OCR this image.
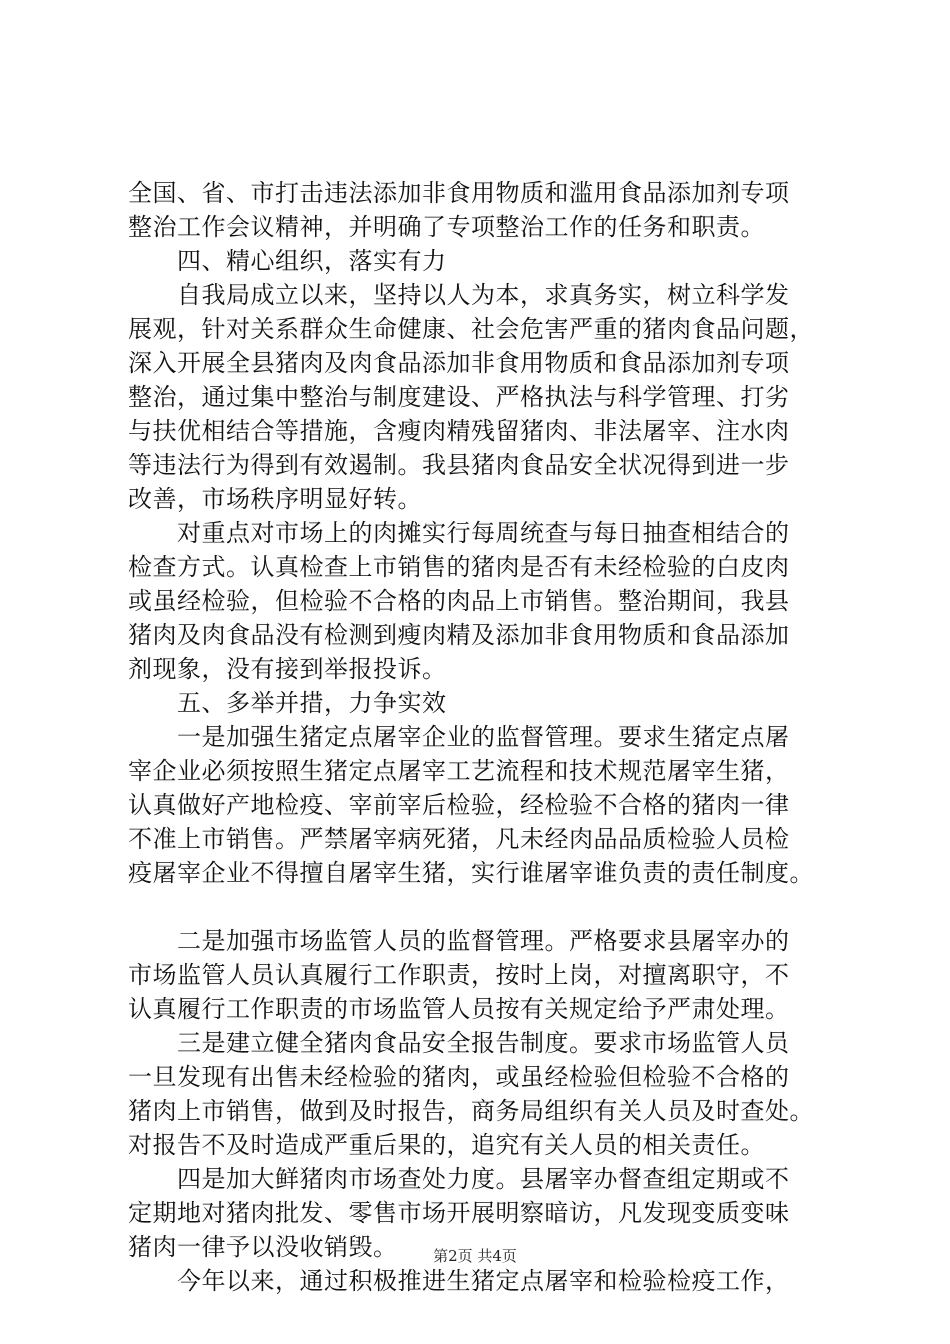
全国、省、市打击违法添加非食用物质和滥用食品添加剂专项
整治工作会议精神，并明确了专项整治工作的任务和职责。
　　四、精心组织，落实有力
　　自我局成立以来，坚持以人为本，求真务实，树立科学发
展观，针对关系群众生命健康、社会危害严重的猪肉食品问题，
深入开展全县猪肉及肉食品添加非食用物质和食品添加剂专项
整治，通过集中整治与制度建设、严格执法与科学管理、打劣
与扶优相结合等措施，含瘦肉精残留猪肉、非法屠宰、注水肉
等违法行为得到有效遏制。我县猪肉食品安全状况得到进一步
改善，市场秩序明显好转。
　　对重点对市场上的肉摊实行每周统查与每日抽查相结合的
检查方式。认真检查上市销售的猪肉是否有未经检验的白皮肉
或虽经检验，但检验不合格的肉品上市销售。整治期间，我县
猪肉及肉食品没有检测到瘦肉精及添加非食用物质和食品添加
剂现象，没有接到举报投诉。
　　五、多举并措，力争实效
　　一是加强生猪定点屠宰企业的监督管理。要求生猪定点屠
宰企业必须按照生猪定点屠宰工艺流程和技术规范屠宰生猪，
认真做好产地检疫、宰前宰后检验，经检验不合格的猪肉一律
不准上市销售。严禁屠宰病死猪，凡未经肉品品质检验人员检
疫屠宰企业不得擅自屠宰生猪，实行谁屠宰谁负责的责任制度。
　　二是加强市场监管人员的监督管理。严格要求县屠宰办的
市场监管人员认真履行工作职责，按时上岗，对擅离职守，不
认真履行工作职责的市场监管人员按有关规定给予严肃处理。
　　三是建立健全猪肉食品安全报告制度。要求市场监管人员
一旦发现有出售未经检验的猪肉，或虽经检验但检验不合格的
猪肉上市销售，做到及时报告，商务局组织有关人员及时查处。
对报告不及时造成严重后果的，追究有关人员的相关责任。
　　四是加大鲜猪肉市场查处力度。县屠宰办督查组定期或不
定期地对猪肉批发、零售市场开展明察暗访，凡发现变质变味
猪肉一律予以没收销毁。
　　今年以来，通过积极推进生猪定点屠宰和检验检疫工作，
第2页 共4页
